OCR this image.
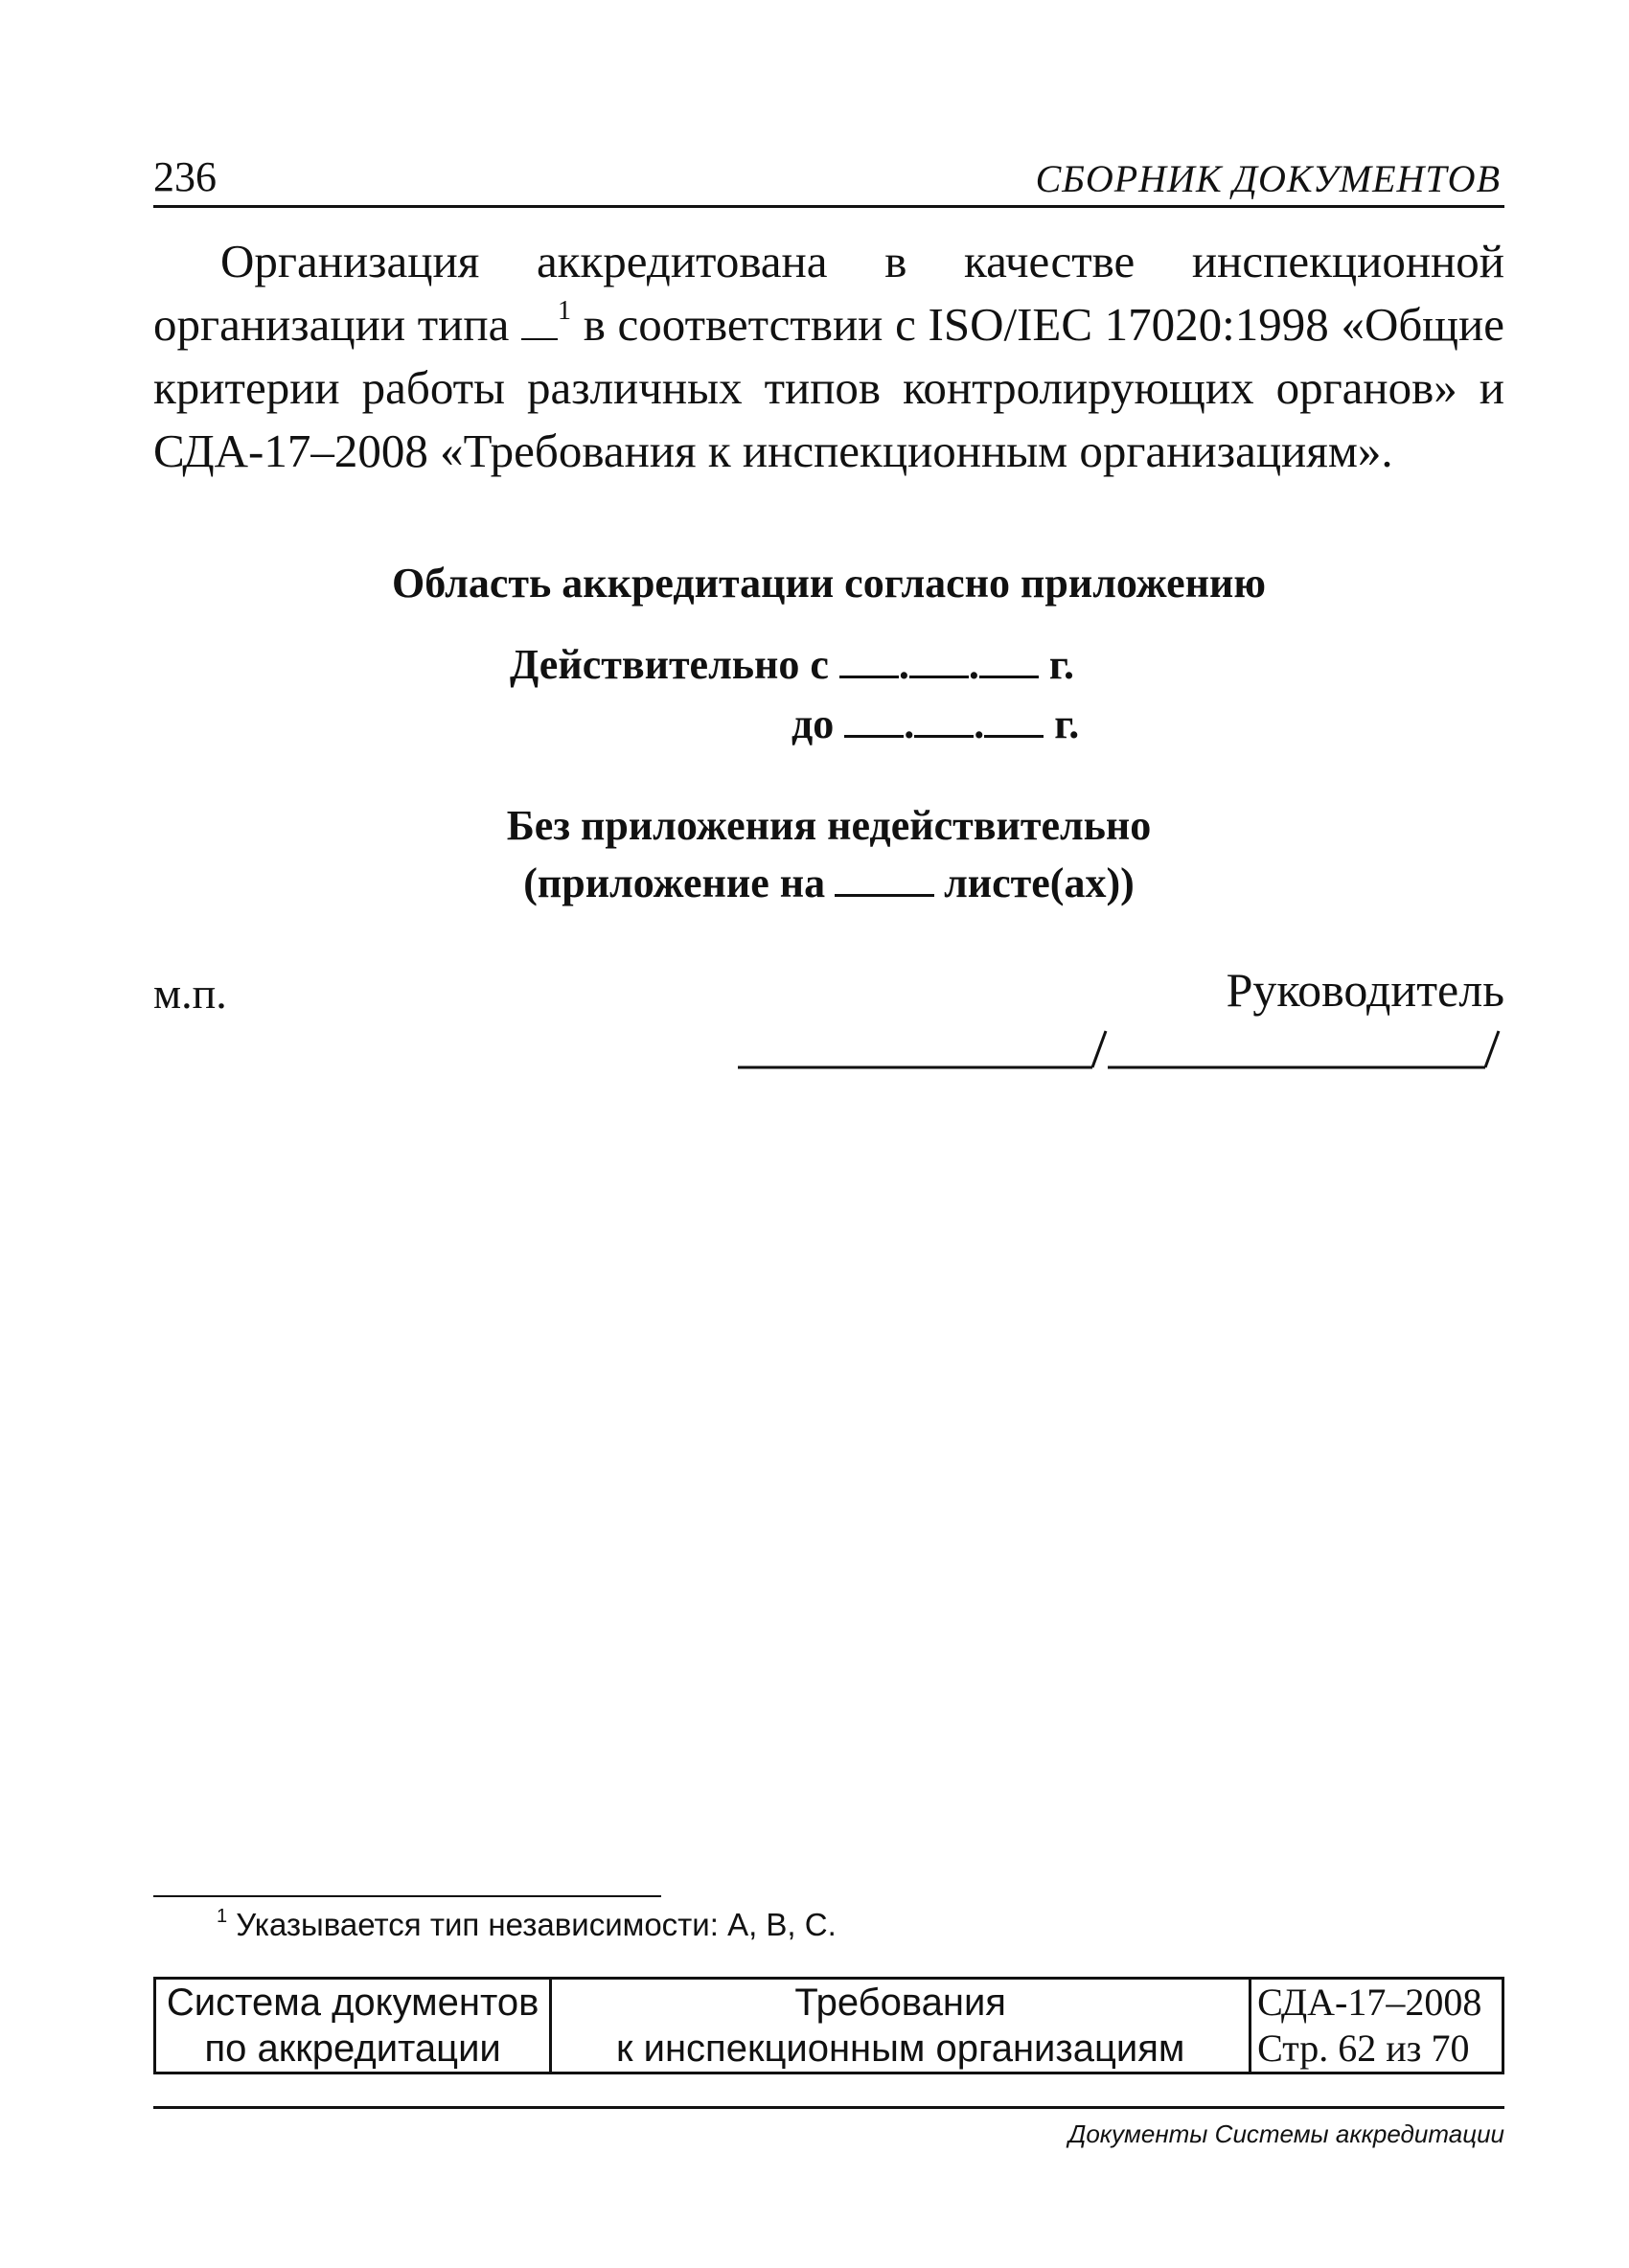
236	СБОРНИК ДОКУМЕНТОВ

Организация аккредитована в качестве инспекционной организации типа $^1$ в соответствии с ISO/IEC 17020:1998 «Общие критерии работы различных типов контролирующих органов» и СДА-17–2008 «Требования к инспекционным организациям».

Область аккредитации согласно приложению
Действительно с . . г.
до . . г.
Без приложения недействительно
(приложение на	листе(ах))
м.п.	Руководитель
$^1$ Указывается тип независимости: А, В, С.
Система документов
по аккредитации

Требования
к инспекционным организациям

СДА-17–2008
Стр. 62 из 70
Документы Системы аккредитации
